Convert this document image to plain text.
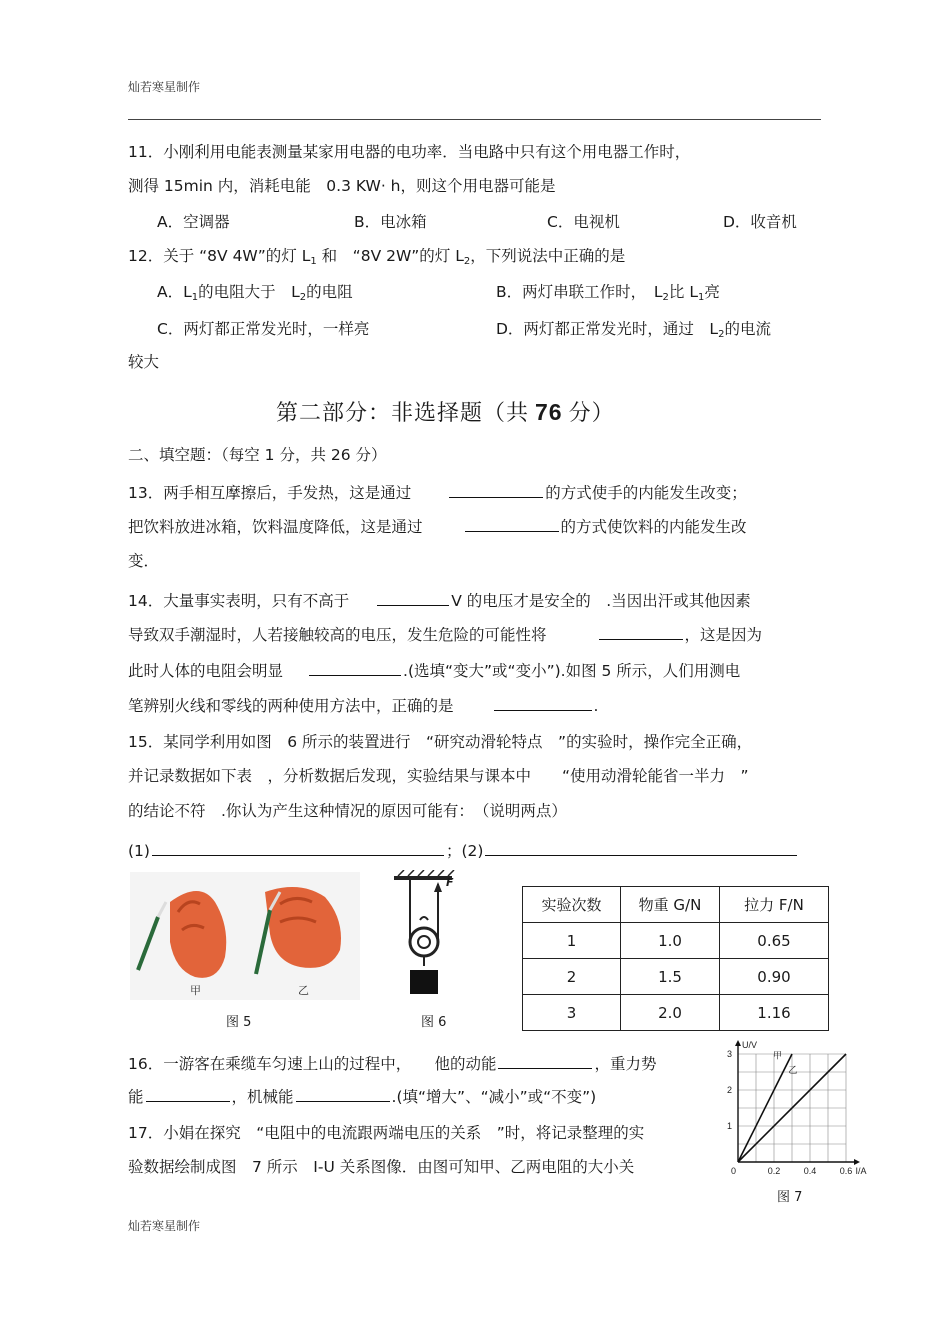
灿若寒星制作
11．小刚利用电能表测量某家用电器的电功率．当电路中只有这个用电器工作时，
测得 15min 内，消耗电能　0.3 KW· h，则这个用电器可能是
A．空调器	B．电冰箱	C．电视机	D．收音机
12．关于 “8V 4W”的灯 $L_1$ 和　“8V 2W”的灯 $L_2$，下列说法中正确的是
A．$L_1$的电阻大于　$L_2$的电阻	B．两灯串联工作时，　$L_2$比 $L_1$亮
C．两灯都正常发光时，一样亮	D．两灯都正常发光时，通过　$L_2$的电流
较大
第二部分：非选择题（共 76 分）
二、填空题：（每空 1 分，共 26 分）
13．两手相互摩擦后，手发热，这是通过	的方式使手的内能发生改变；
把饮料放进冰箱，饮料温度降低，这是通过	的方式使饮料的内能发生改
变．
14．大量事实表明，只有不高于	V 的电压才是安全的　.当因出汗或其他因素
导致双手潮湿时，人若接触较高的电压，发生危险的可能性将	，这是因为
此时人体的电阻会明显	.(选填“变大”或“变小”).如图 5 所示，人们用测电
笔辨别火线和零线的两种使用方法中，正确的是	.
15．某同学利用如图　6 所示的装置进行　“研究动滑轮特点　”的实验时，操作完全正确，
并记录数据如下表　，分析数据后发现，实验结果与课本中　　“使用动滑轮能省一半力　”
的结论不符　.你认为产生这种情况的原因可能有：　（说明两点）
(1)	；(2)
甲	乙
图 5
F
图 6
实验次数	物重 G/N	拉力 F/N
1	1.0	0.65
2	1.5	0.90
3	2.0	1.16
16．一游客在乘缆车匀速上山的过程中，　　他的动能	，重力势
能	，机械能	.(填“增大”、“减小”或“不变”)
17．小娟在探究　“电阻中的电流跟两端电压的关系　”时，将记录整理的实
验数据绘制成图　7 所示　I-U 关系图像．由图可知甲、乙两电阻的大小关
1
2
3
0.2	0.4	0.6
0
U/V
I/A
甲
乙
图 7
灿若寒星制作
